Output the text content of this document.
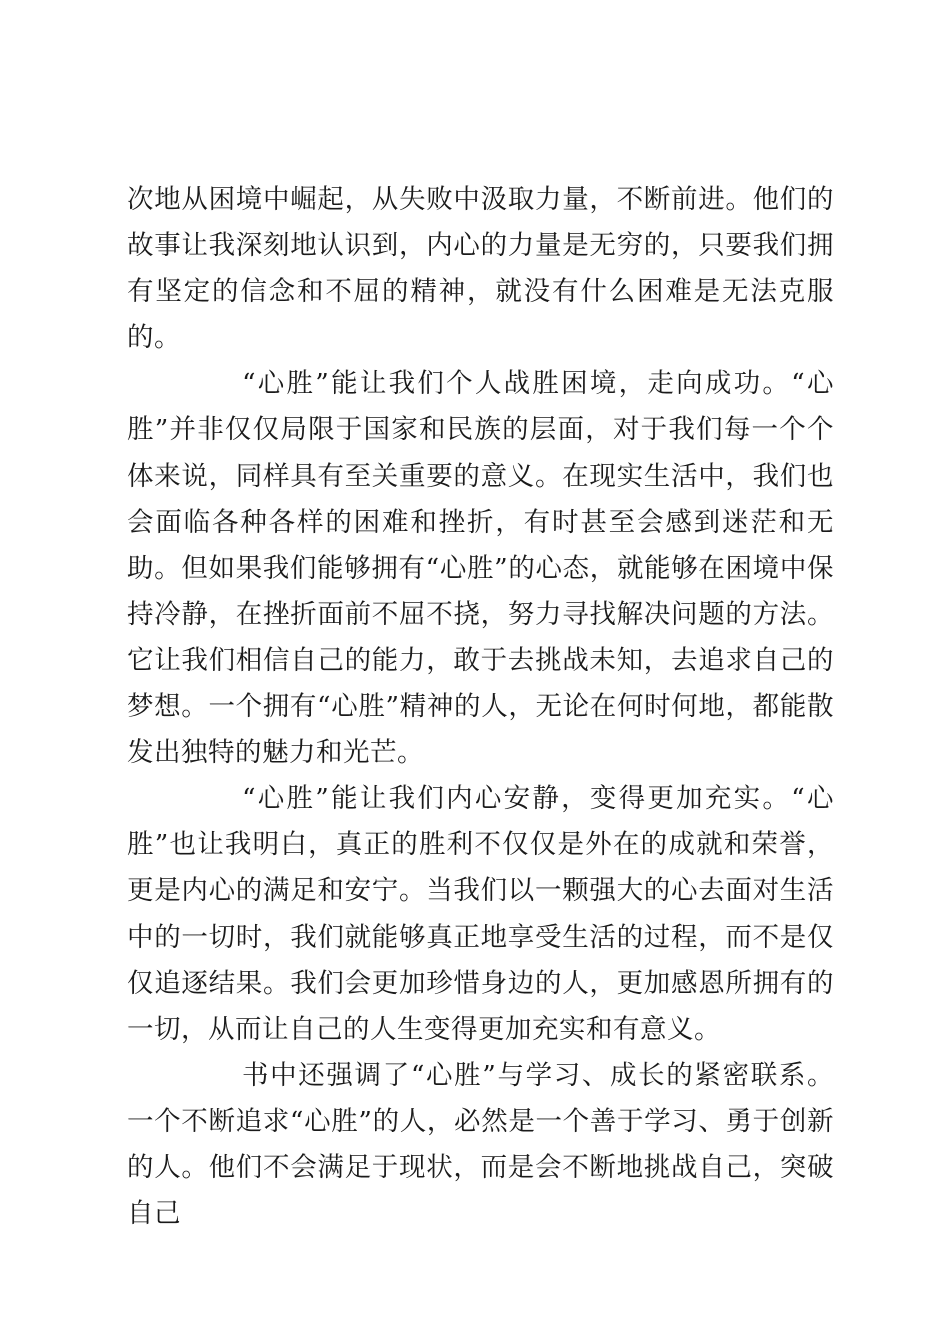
次地从困境中崛起，从失败中汲取力量，不断前进。他们的故事让我深刻地认识到，内心的力量是无穷的，只要我们拥有坚定的信念和不屈的精神，就没有什么困难是无法克服的。

“心胜”能让我们个人战胜困境，走向成功。“心胜”并非仅仅局限于国家和民族的层面，对于我们每一个个体来说，同样具有至关重要的意义。在现实生活中，我们也会面临各种各样的困难和挫折，有时甚至会感到迷茫和无助。但如果我们能够拥有“心胜”的心态，就能够在困境中保持冷静，在挫折面前不屈不挠，努力寻找解决问题的方法。它让我们相信自己的能力，敢于去挑战未知，去追求自己的梦想。一个拥有“心胜”精神的人，无论在何时何地，都能散发出独特的魅力和光芒。

“心胜”能让我们内心安静，变得更加充实。“心胜”也让我明白，真正的胜利不仅仅是外在的成就和荣誉，更是内心的满足和安宁。当我们以一颗强大的心去面对生活中的一切时，我们就能够真正地享受生活的过程，而不是仅仅追逐结果。我们会更加珍惜身边的人，更加感恩所拥有的一切，从而让自己的人生变得更加充实和有意义。

书中还强调了“心胜”与学习、成长的紧密联系。一个不断追求“心胜”的人，必然是一个善于学习、勇于创新的人。他们不会满足于现状，而是会不断地挑战自己，突破自己
